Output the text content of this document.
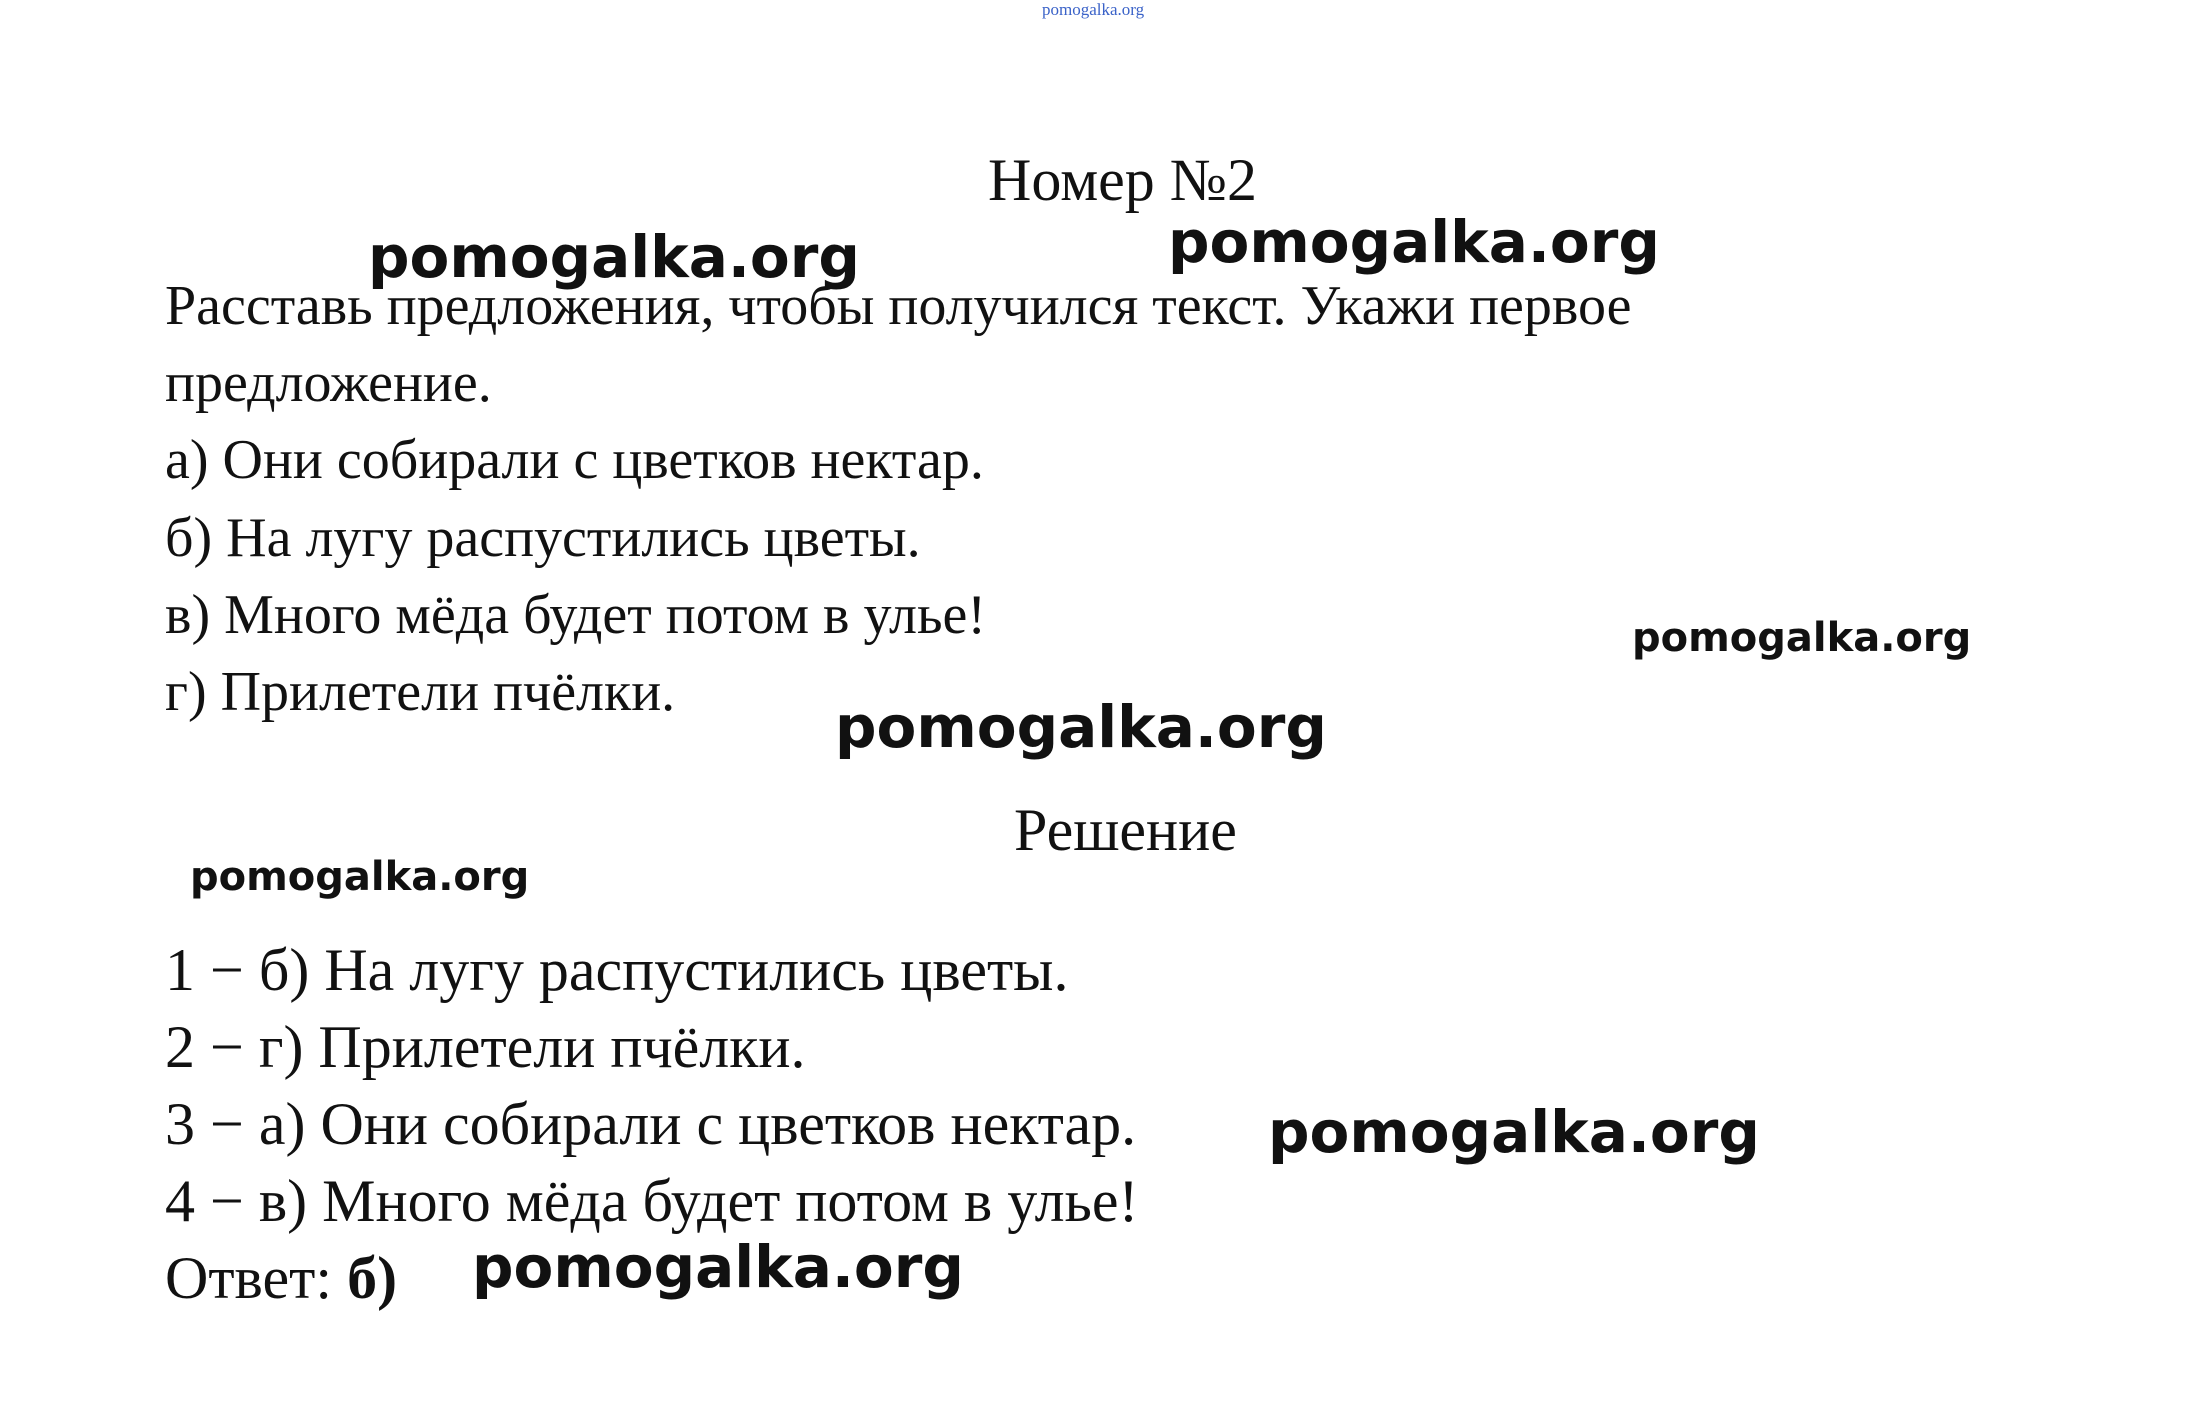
pomogalka.org
Номер №2
Расставь предложения, чтобы получился текст. Укажи первое
предложение.
а) Они собирали с цветков нектар.
б) На лугу распустились цветы.
в) Много мёда будет потом в улье!
г) Прилетели пчёлки.
Решение
1 − б) На лугу распустились цветы.
2 − г) Прилетели пчёлки.
3 − а) Они собирали с цветков нектар.
4 − в) Много мёда будет потом в улье!
Ответ: б)
pomogalka.org	pomogalka.org
pomogalka.org
pomogalka.org
pomogalka.org
pomogalka.org
pomogalka.org
